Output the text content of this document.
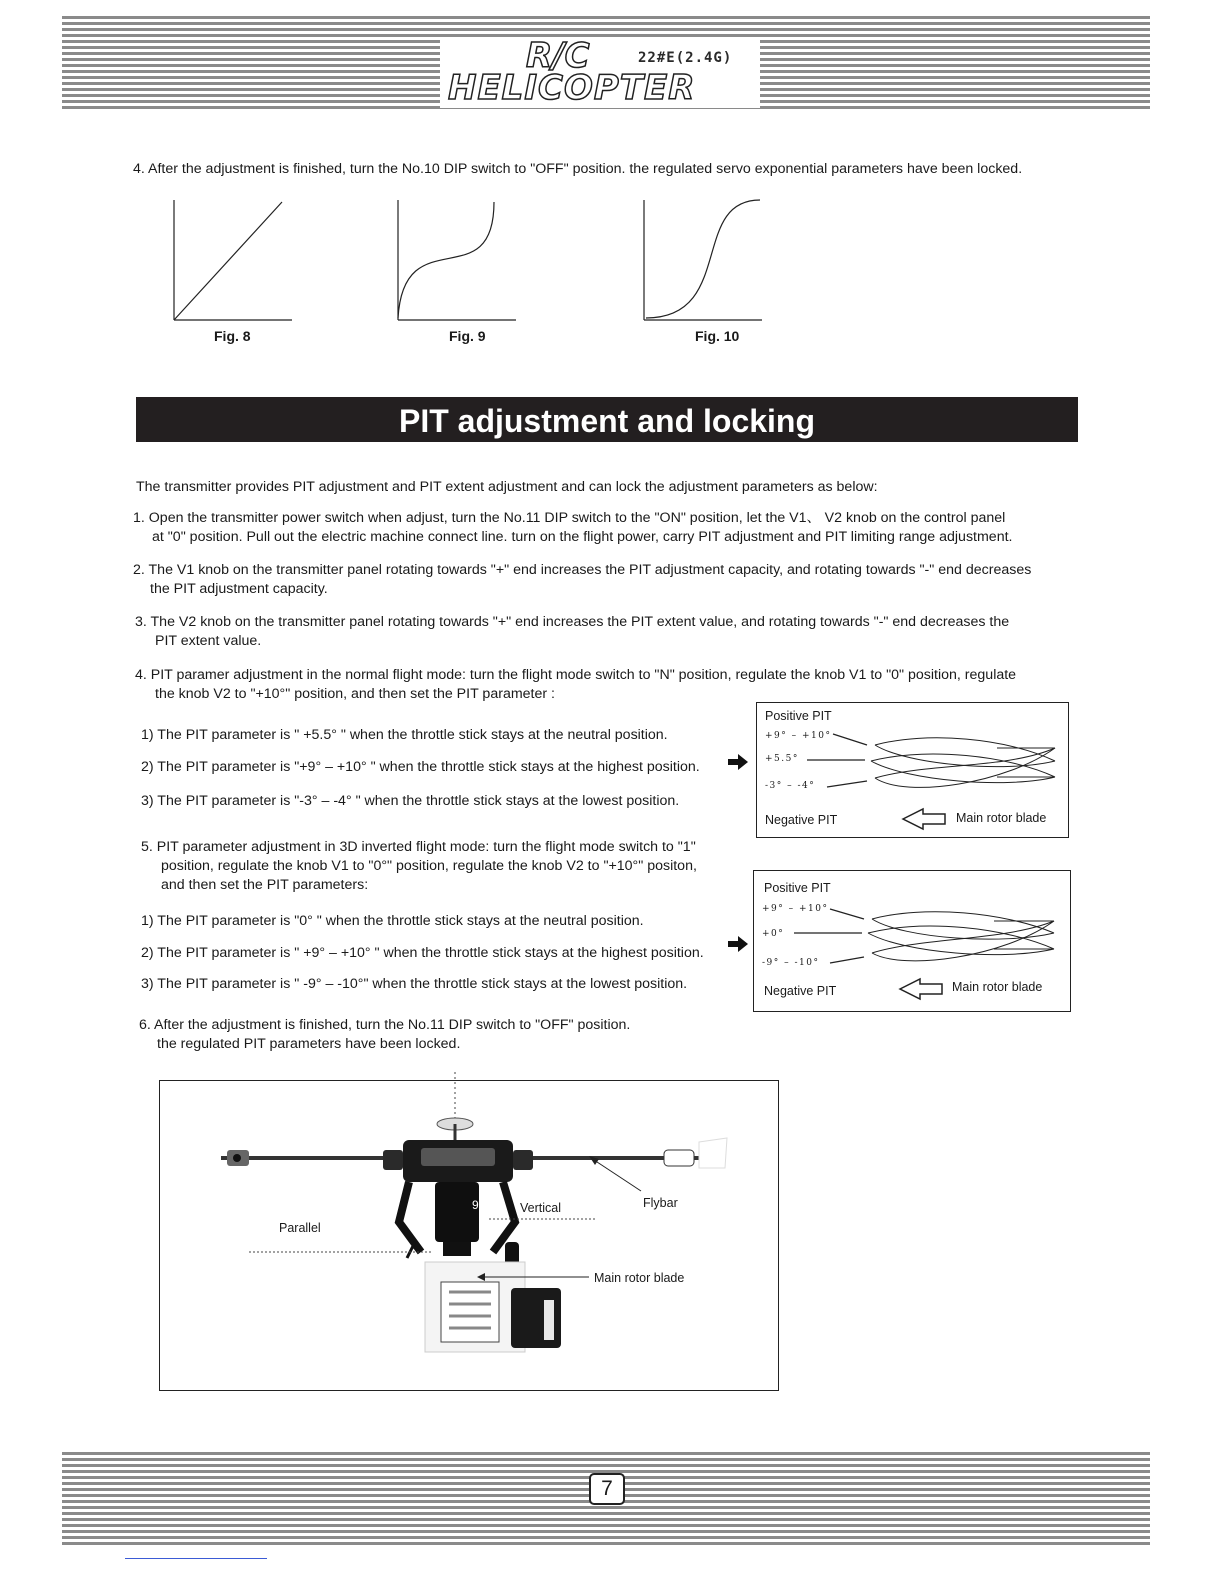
R/C	22#E(2.4G)
HELICOPTER
4. After the adjustment is finished, turn the No.10 DIP switch to "OFF" position. the regulated servo exponential parameters have been locked.
Fig. 8	Fig. 9	Fig. 10
PIT adjustment and locking
The transmitter provides PIT adjustment and PIT extent adjustment and can lock the adjustment parameters as below:
1. Open the transmitter power switch when adjust, turn the No.11 DIP switch to the "ON" position, let the V1、 V2 knob on the control panel
at "0" position. Pull out the electric machine connect line. turn on the flight power, carry PIT adjustment and PIT limiting range adjustment.
2. The V1 knob on the transmitter panel rotating towards "+" end increases the PIT adjustment capacity, and rotating towards "-" end decreases
the PIT adjustment capacity.
3. The V2 knob on the transmitter panel rotating towards "+" end increases the PIT extent value, and rotating towards "-" end decreases the
PIT extent value.
4. PIT paramer adjustment in the normal flight mode: turn the flight mode switch to "N" position, regulate the knob V1 to "0" position, regulate
the knob V2 to "+10°" position, and then set the PIT parameter :
1) The PIT parameter is " +5.5° " when the throttle stick stays at the neutral position.
2) The PIT parameter is "+9° – +10° " when the throttle stick stays at the highest position.
3) The PIT parameter is "-3° – -4° " when the throttle stick stays at the lowest position.
5. PIT parameter adjustment in 3D inverted flight mode: turn the flight mode switch to "1"
position, regulate the knob V1 to "0°" position, regulate the knob V2 to "+10°" positon,
and then set the PIT parameters:
1) The PIT parameter is "0° " when the throttle stick stays at the neutral position.
2) The PIT parameter is " +9° – +10° " when the throttle stick stays at the highest position.
3) The PIT parameter is " -9° – -10°" when the throttle stick stays at the lowest position.
6. After the adjustment is finished, turn the No.11 DIP switch to "OFF" position.
the regulated PIT parameters have been locked.
Positive PIT
+9° – +10°
+5.5°
-3° – -4°
Negative PIT	Main rotor blade
Positive PIT
+9° – +10°
+0°
-9° – -10°
Negative PIT	Main rotor blade
90°
Parallel
Vertical	Flybar
Main rotor blade
7
